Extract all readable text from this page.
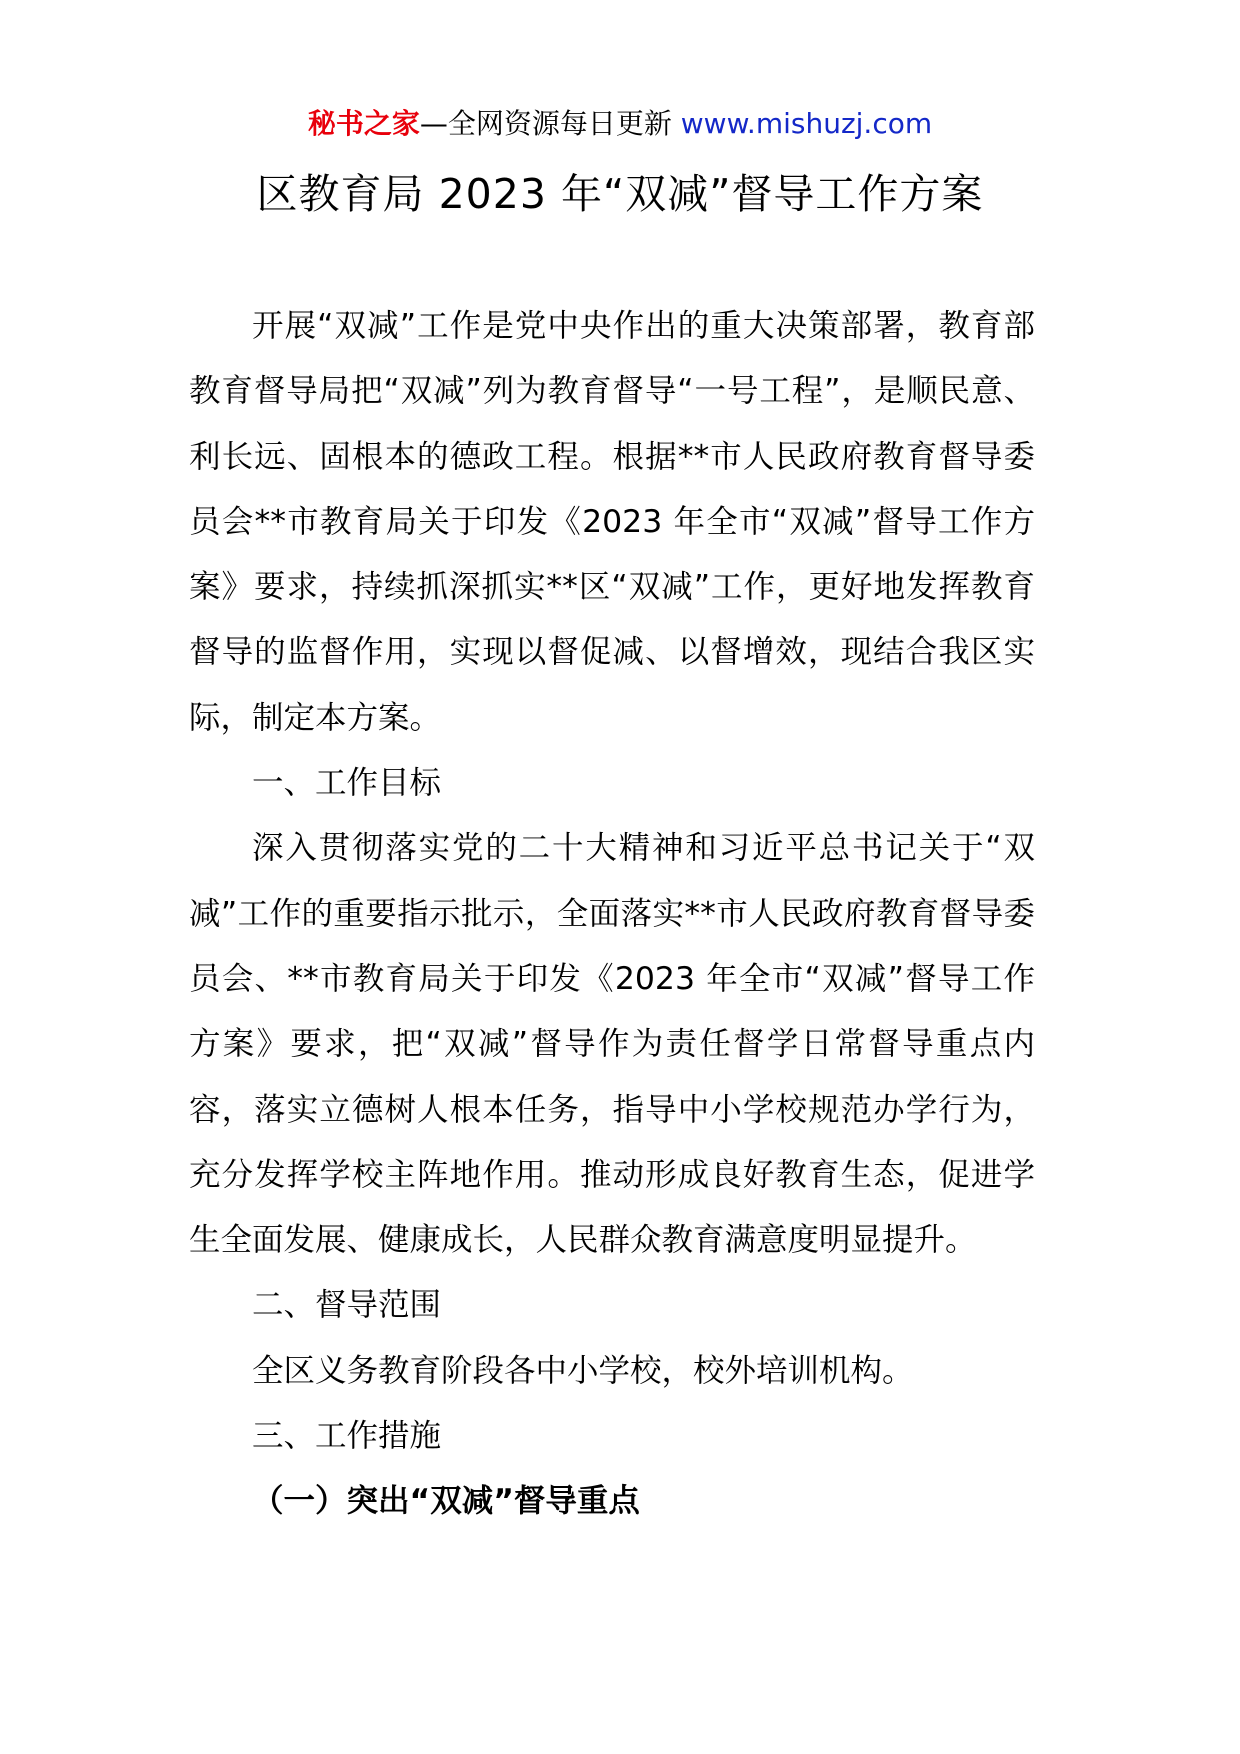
秘书之家—全网资源每日更新 www.mishuzj.com
区教育局 2023 年“双减”督导工作方案

开展“双减”工作是党中央作出的重大决策部署，教育部教育督导局把“双减”列为教育督导“一号工程”，是顺民意、利长远、固根本的德政工程。根据**市人民政府教育督导委员会**市教育局关于印发《2023 年全市“双减”督导工作方案》要求，持续抓深抓实**区“双减”工作，更好地发挥教育督导的监督作用，实现以督促减、以督增效，现结合我区实际，制定本方案。

一、工作目标

深入贯彻落实党的二十大精神和习近平总书记关于“双减”工作的重要指示批示，全面落实**市人民政府教育督导委员会、**市教育局关于印发《2023 年全市“双减”督导工作方案》要求，把“双减”督导作为责任督学日常督导重点内容，落实立德树人根本任务，指导中小学校规范办学行为，充分发挥学校主阵地作用。推动形成良好教育生态，促进学生全面发展、健康成长，人民群众教育满意度明显提升。

二、督导范围

全区义务教育阶段各中小学校，校外培训机构。

三、工作措施

（一）突出“双减”督导重点
